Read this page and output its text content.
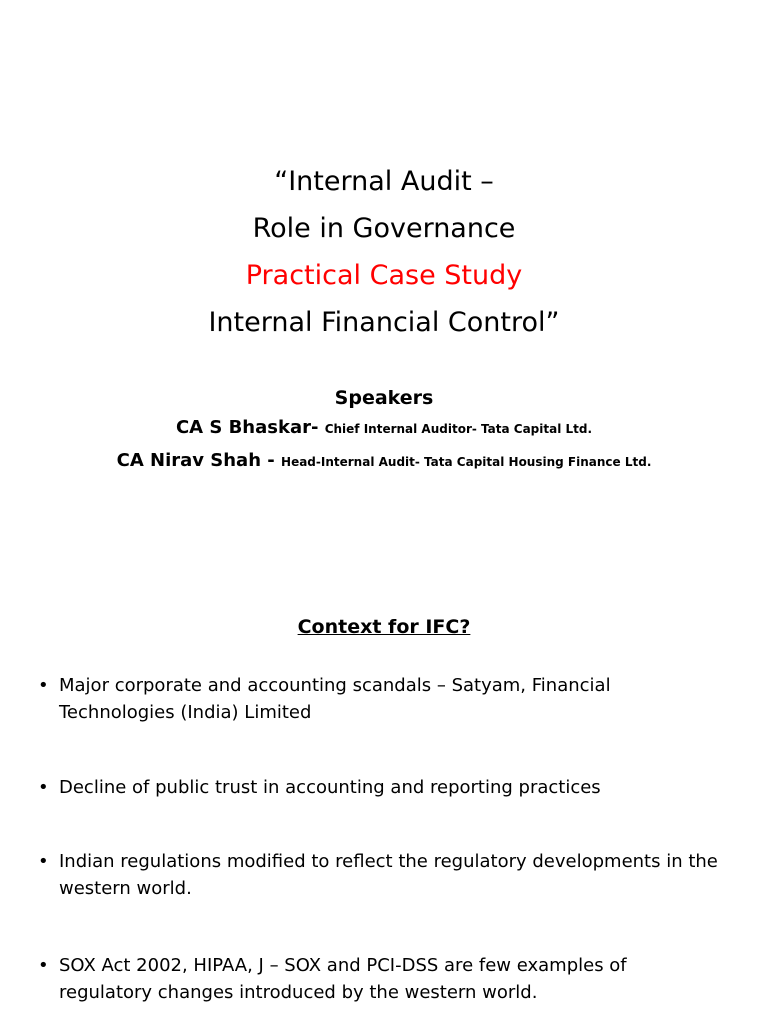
“Internal Audit –
Role in Governance
Practical Case Study
Internal Financial Control”
Speakers
CA S Bhaskar- Chief Internal Auditor- Tata Capital Ltd.
CA Nirav Shah - Head-Internal Audit- Tata Capital Housing Finance Ltd.
Context for IFC?
• Major corporate and accounting scandals – Satyam, Financial Technologies (India) Limited
• Decline of public trust in accounting and reporting practices
• Indian regulations modified to reflect the regulatory developments in the western world.
• SOX Act 2002, HIPAA, J – SOX and PCI-DSS are few examples of regulatory changes introduced by the western world.
